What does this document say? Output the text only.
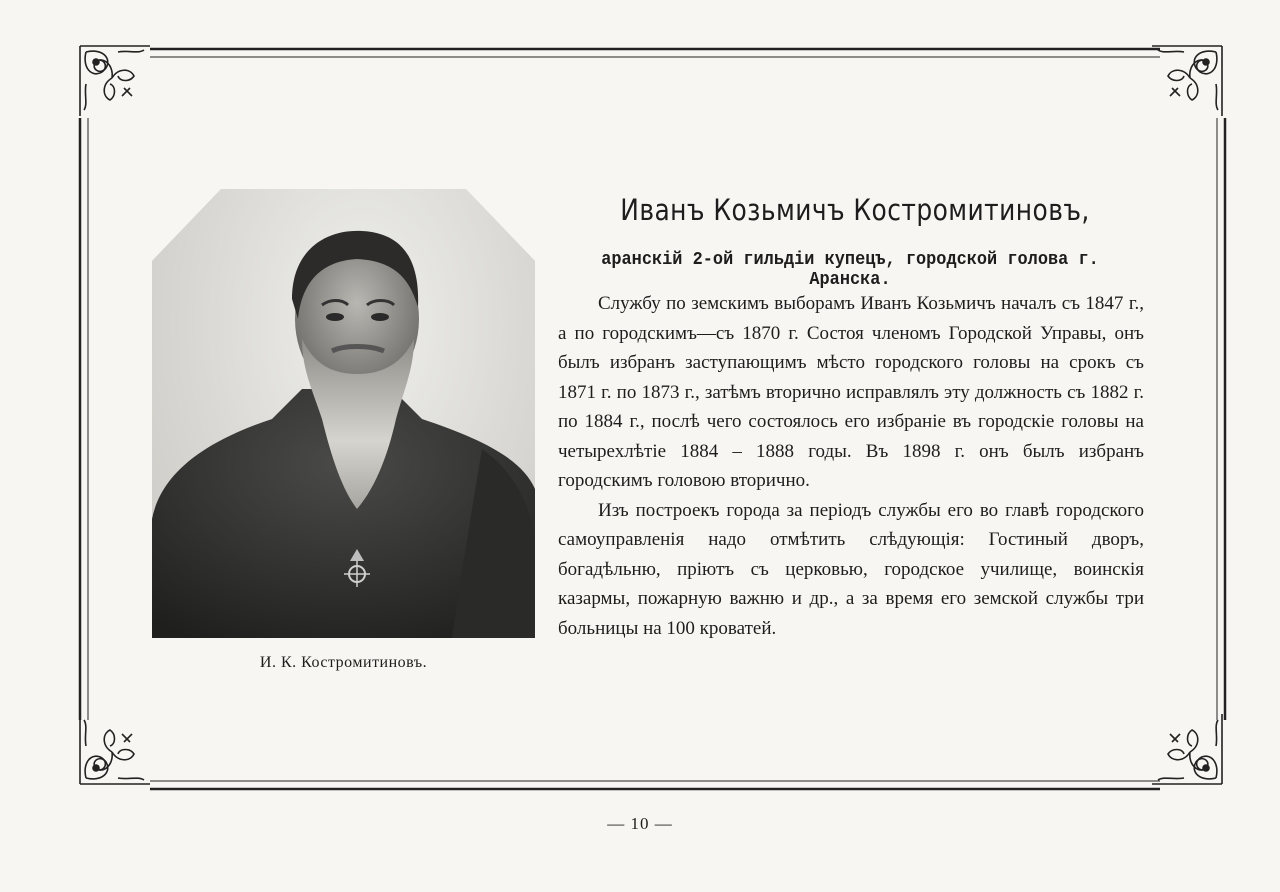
И. К. Костромитиновъ.
Иванъ Козьмичъ Костромитиновъ,
аранскій 2-ой гильдіи купецъ, городской голова г. Аранска.

Службу по земскимъ выборамъ Иванъ Козьмичъ началъ съ 1847 г., а по городскимъ—съ 1870 г. Состоя членомъ Городской Управы, онъ былъ избранъ заступающимъ мѣсто городского головы на срокъ съ 1871 г. по 1873 г., затѣмъ вторично исправлялъ эту должность съ 1882 г. по 1884 г., послѣ чего состоялось его избраніе въ городскіе головы на четырехлѣтіе 1884 – 1888 годы. Въ 1898 г. онъ былъ избранъ городскимъ головою вторично.

Изъ построекъ города за періодъ службы его во главѣ городского самоуправленія надо отмѣтить слѣдующія: Гостиный дворъ, богадѣльню, пріютъ съ церковью, городское училище, воинскія казармы, пожарную важню и др., а за время его земской службы три больницы на 100 кроватей.

— 10 —
